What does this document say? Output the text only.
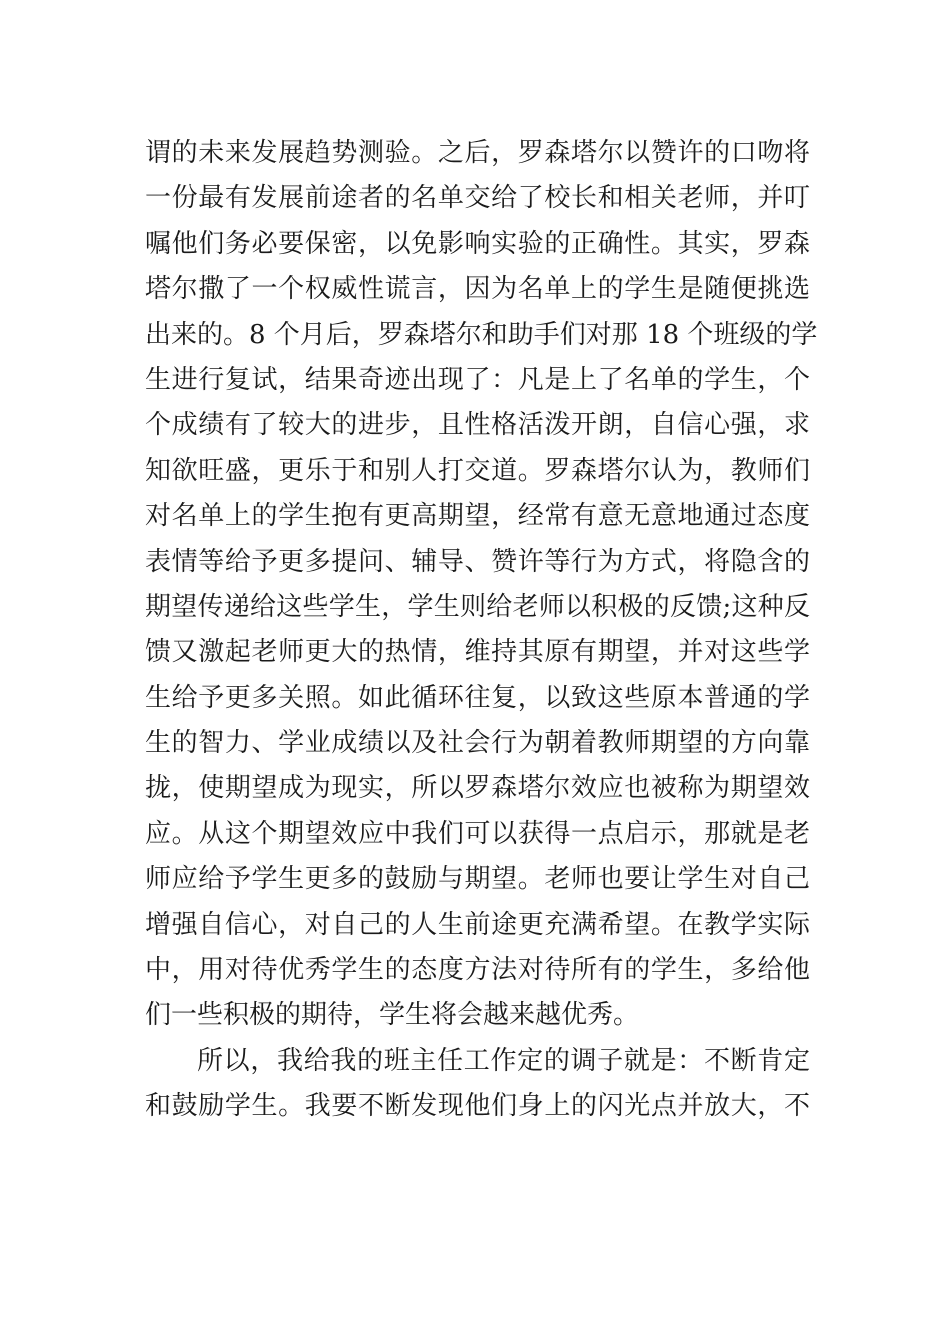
谓的未来发展趋势测验。之后，罗森塔尔以赞许的口吻将
一份最有发展前途者的名单交给了校长和相关老师，并叮
嘱他们务必要保密，以免影响实验的正确性。其实，罗森
塔尔撒了一个权威性谎言，因为名单上的学生是随便挑选
出来的。8 个月后，罗森塔尔和助手们对那 18 个班级的学
生进行复试，结果奇迹出现了：凡是上了名单的学生，个
个成绩有了较大的进步，且性格活泼开朗，自信心强，求
知欲旺盛，更乐于和别人打交道。罗森塔尔认为，教师们
对名单上的学生抱有更高期望，经常有意无意地通过态度
表情等给予更多提问、辅导、赞许等行为方式，将隐含的
期望传递给这些学生，学生则给老师以积极的反馈;这种反
馈又激起老师更大的热情，维持其原有期望，并对这些学
生给予更多关照。如此循环往复，以致这些原本普通的学
生的智力、学业成绩以及社会行为朝着教师期望的方向靠
拢，使期望成为现实，所以罗森塔尔效应也被称为期望效
应。从这个期望效应中我们可以获得一点启示，那就是老
师应给予学生更多的鼓励与期望。老师也要让学生对自己
增强自信心，对自己的人生前途更充满希望。在教学实际
中，用对待优秀学生的态度方法对待所有的学生，多给他
们一些积极的期待，学生将会越来越优秀。
所以，我给我的班主任工作定的调子就是：不断肯定
和鼓励学生。我要不断发现他们身上的闪光点并放大，不
